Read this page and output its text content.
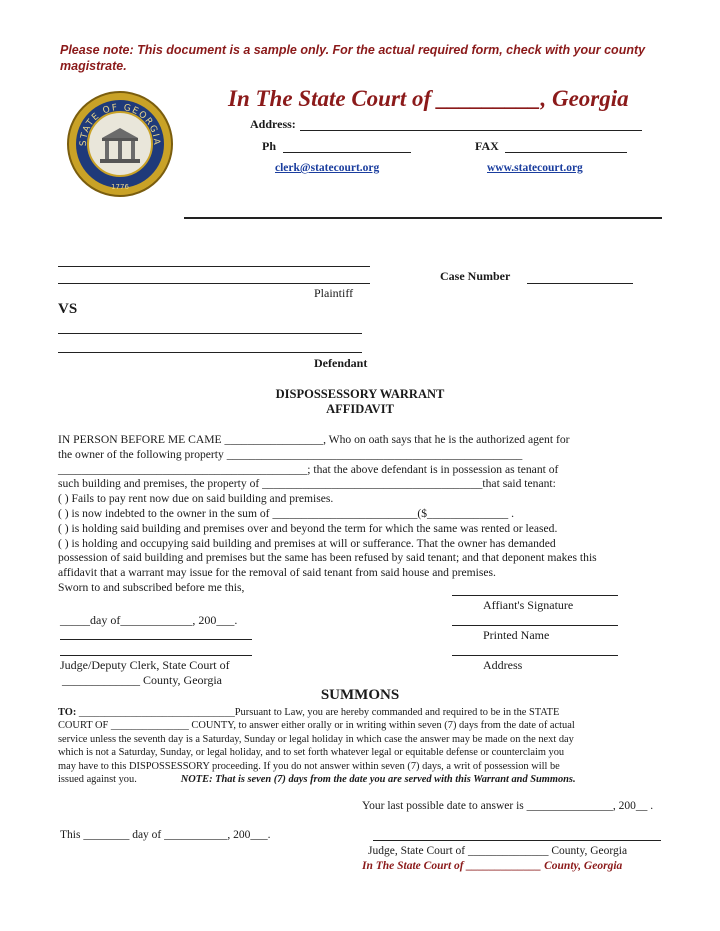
Please note: This document is a sample only. For the actual required form, check with your county magistrate.
1776
STATE OF GEORGIA
In The State Court of _________, Georgia
Address:
Ph	FAX
clerk@statecourt.org	www.statecourt.org
Plaintiff
Case Number
VS
Defendant
DISPOSSESSORY WARRANT
AFFIDAVIT

IN PERSON BEFORE ME CAME _________________, Who on oath says that he is the authorized agent for

the owner of the following property ___________________________________________________

___________________________________________; that the above defendant is in possession as tenant of

such building and premises, the property of ______________________________________that said tenant:

( ) Fails to pay rent now due on said building and premises.

( ) is now indebted to the owner in the sum of _________________________($______________ .

( ) is holding said building and premises over and beyond the term for which the same was rented or leased.

( ) is holding and occupying said building and premises at will or sufferance. That the owner has demanded

possession of said building and premises but the same has been refused by said tenant; and that deponent makes this

affidavit that a warrant may issue for the removal of said tenant from said house and premises.

Sworn to and subscribed before me this,

Affiant's Signature
_____day of____________, 200___.
Printed Name
Address
Judge/Deputy Clerk, State Court of
_____________ County, Georgia
SUMMONS
TO: ______________________________Pursuant to Law, you are hereby commanded and required to be in the STATE
COURT OF _______________ COUNTY, to answer either orally or in writing within seven (7) days from the date of actual
service unless the seventh day is a Saturday, Sunday or legal holiday in which case the answer may be made on the next day
which is not a Saturday, Sunday, or legal holiday, and to set forth whatever legal or equitable defense or counterclaim you
may have to this DISPOSSESSORY proceeding. If you do not answer within seven (7) days, a writ of possession will be
issued against you.	NOTE: That is seven (7) days from the date you are served with this Warrant and Summons.
Your last possible date to answer is _______________, 200__ .
This ________ day of ___________, 200___.
Judge, State Court of ______________ County, Georgia
In The State Court of _____________ County, Georgia
